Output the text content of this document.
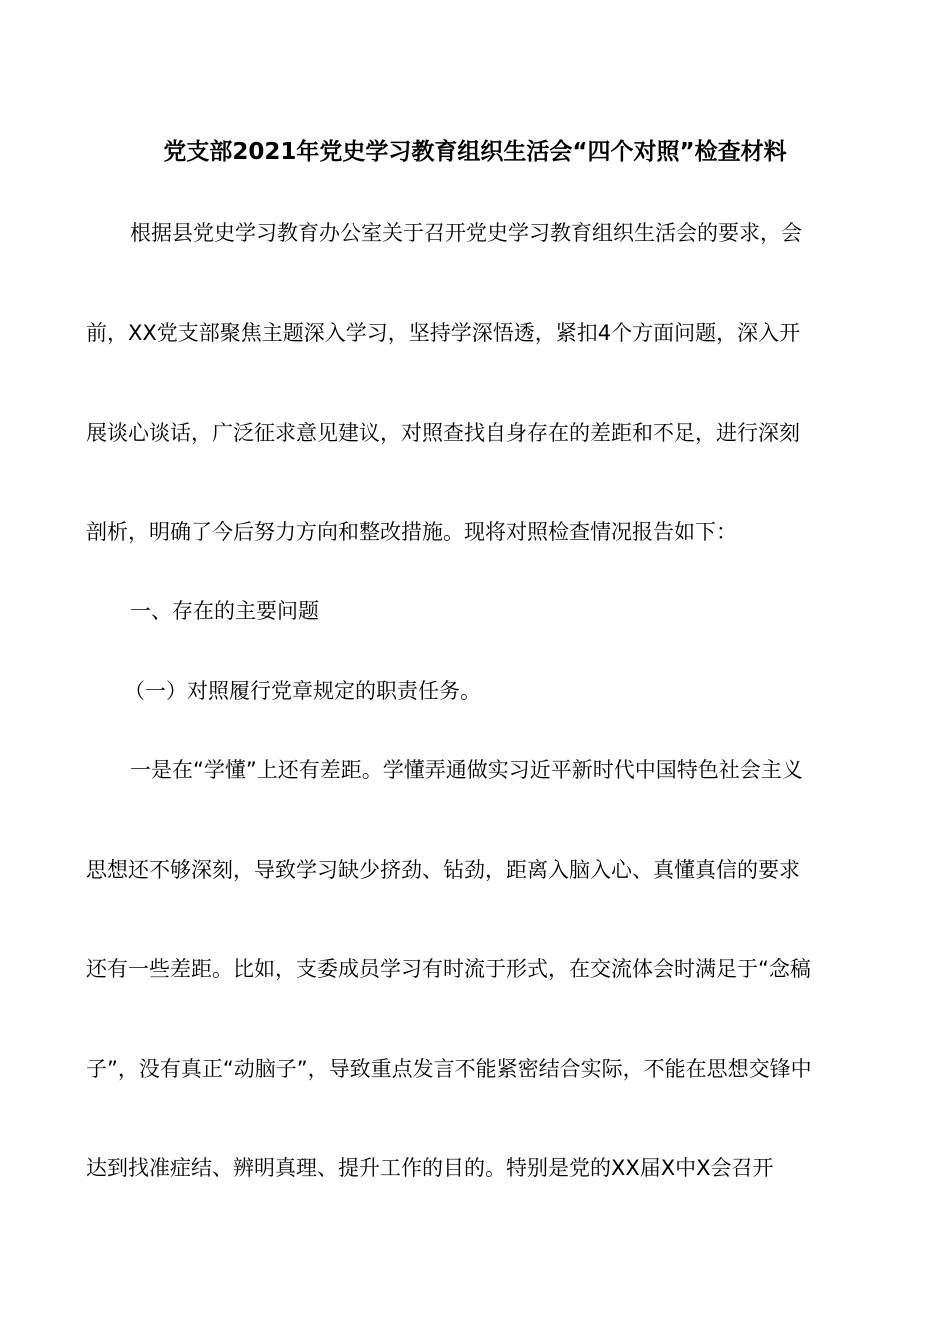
党支部2021年党史学习教育组织生活会“四个对照”检查材料
根据县党史学习教育办公室关于召开党史学习教育组织生活会的要求，会
前，XX党支部聚焦主题深入学习，坚持学深悟透，紧扣4个方面问题，深入开
展谈心谈话，广泛征求意见建议，对照查找自身存在的差距和不足，进行深刻
剖析，明确了今后努力方向和整改措施。现将对照检查情况报告如下：
一、存在的主要问题
（一）对照履行党章规定的职责任务。
一是在“学懂”上还有差距。学懂弄通做实习近平新时代中国特色社会主义
思想还不够深刻，导致学习缺少挤劲、钻劲，距离入脑入心、真懂真信的要求
还有一些差距。比如，支委成员学习有时流于形式，在交流体会时满足于“念稿
子”，没有真正“动脑子”，导致重点发言不能紧密结合实际，不能在思想交锋中
达到找准症结、辨明真理、提升工作的目的。特别是党的XX届X中X会召开
